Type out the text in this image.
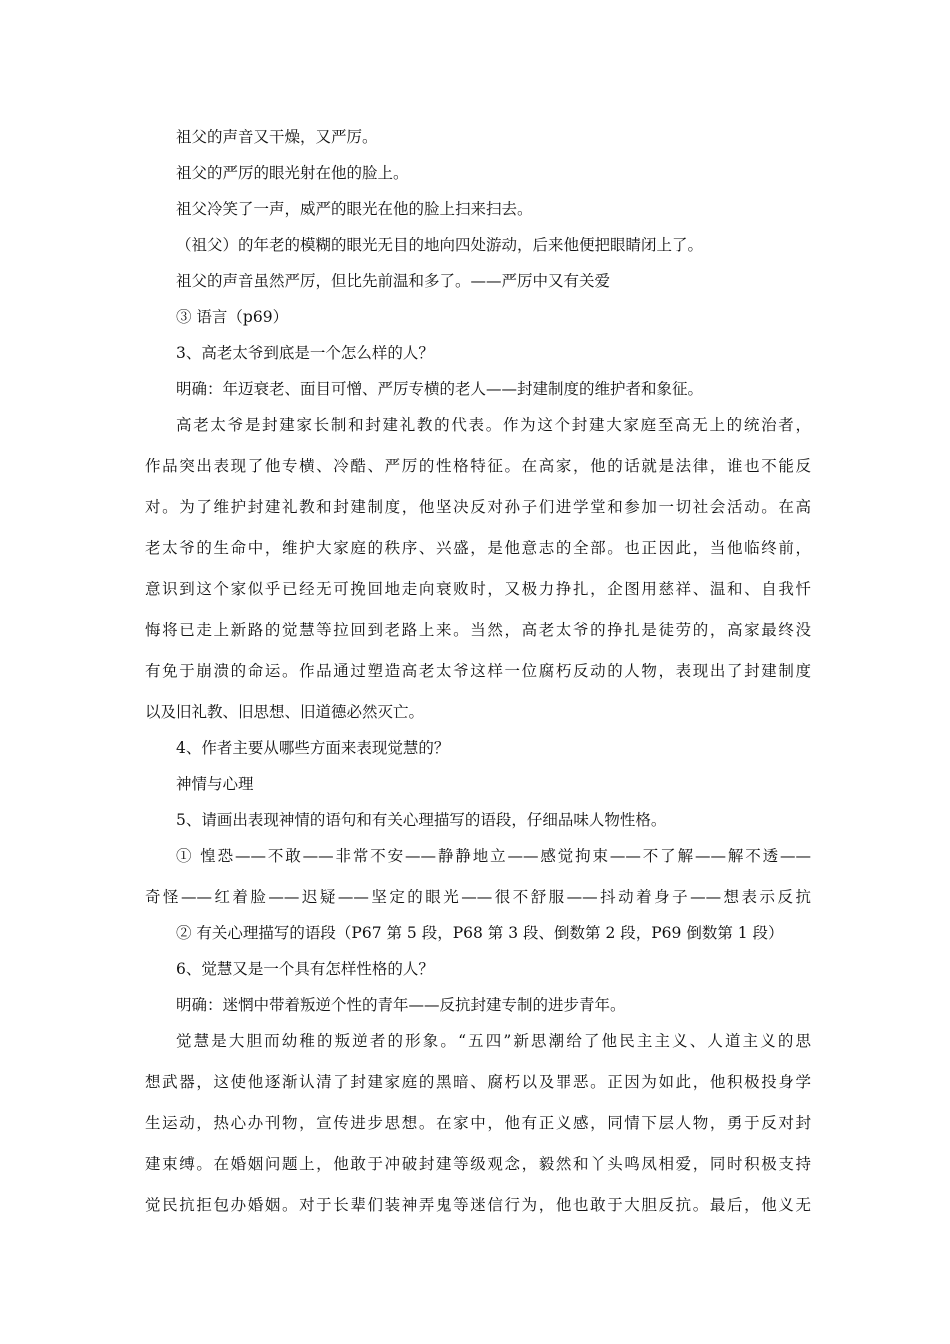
祖父的声音又干燥，又严厉。
祖父的严厉的眼光射在他的脸上。
祖父冷笑了一声，威严的眼光在他的脸上扫来扫去。
（祖父）的年老的模糊的眼光无目的地向四处游动，后来他便把眼睛闭上了。
祖父的声音虽然严厉，但比先前温和多了。——严厉中又有关爱
③ 语言（p69）
3、高老太爷到底是一个怎么样的人？
明确：年迈衰老、面目可憎、严厉专横的老人——封建制度的维护者和象征。
高老太爷是封建家长制和封建礼教的代表。作为这个封建大家庭至高无上的统治者，
作品突出表现了他专横、冷酷、严厉的性格特征。在高家，他的话就是法律，谁也不能反
对。为了维护封建礼教和封建制度，他坚决反对孙子们进学堂和参加一切社会活动。在高
老太爷的生命中，维护大家庭的秩序、兴盛，是他意志的全部。也正因此，当他临终前，
意识到这个家似乎已经无可挽回地走向衰败时，又极力挣扎，企图用慈祥、温和、自我忏
悔将已走上新路的觉慧等拉回到老路上来。当然，高老太爷的挣扎是徒劳的，高家最终没
有免于崩溃的命运。作品通过塑造高老太爷这样一位腐朽反动的人物，表现出了封建制度
以及旧礼教、旧思想、旧道德必然灭亡。
4、作者主要从哪些方面来表现觉慧的？
神情与心理
5、请画出表现神情的语句和有关心理描写的语段，仔细品味人物性格。
① 惶恐——不敢——非常不安——静静地立——感觉拘束——不了解——解不透——
奇怪——红着脸——迟疑——坚定的眼光——很不舒服——抖动着身子——想表示反抗
② 有关心理描写的语段（P67 第 5 段，P68 第 3 段、倒数第 2 段，P69 倒数第 1 段）
6、觉慧又是一个具有怎样性格的人？
明确：迷惘中带着叛逆个性的青年——反抗封建专制的进步青年。
觉慧是大胆而幼稚的叛逆者的形象。“五四”新思潮给了他民主主义、人道主义的思
想武器，这使他逐渐认清了封建家庭的黑暗、腐朽以及罪恶。正因为如此，他积极投身学
生运动，热心办刊物，宣传进步思想。在家中，他有正义感，同情下层人物，勇于反对封
建束缚。在婚姻问题上，他敢于冲破封建等级观念，毅然和丫头鸣凤相爱，同时积极支持
觉民抗拒包办婚姻。对于长辈们装神弄鬼等迷信行为，他也敢于大胆反抗。最后，他义无
